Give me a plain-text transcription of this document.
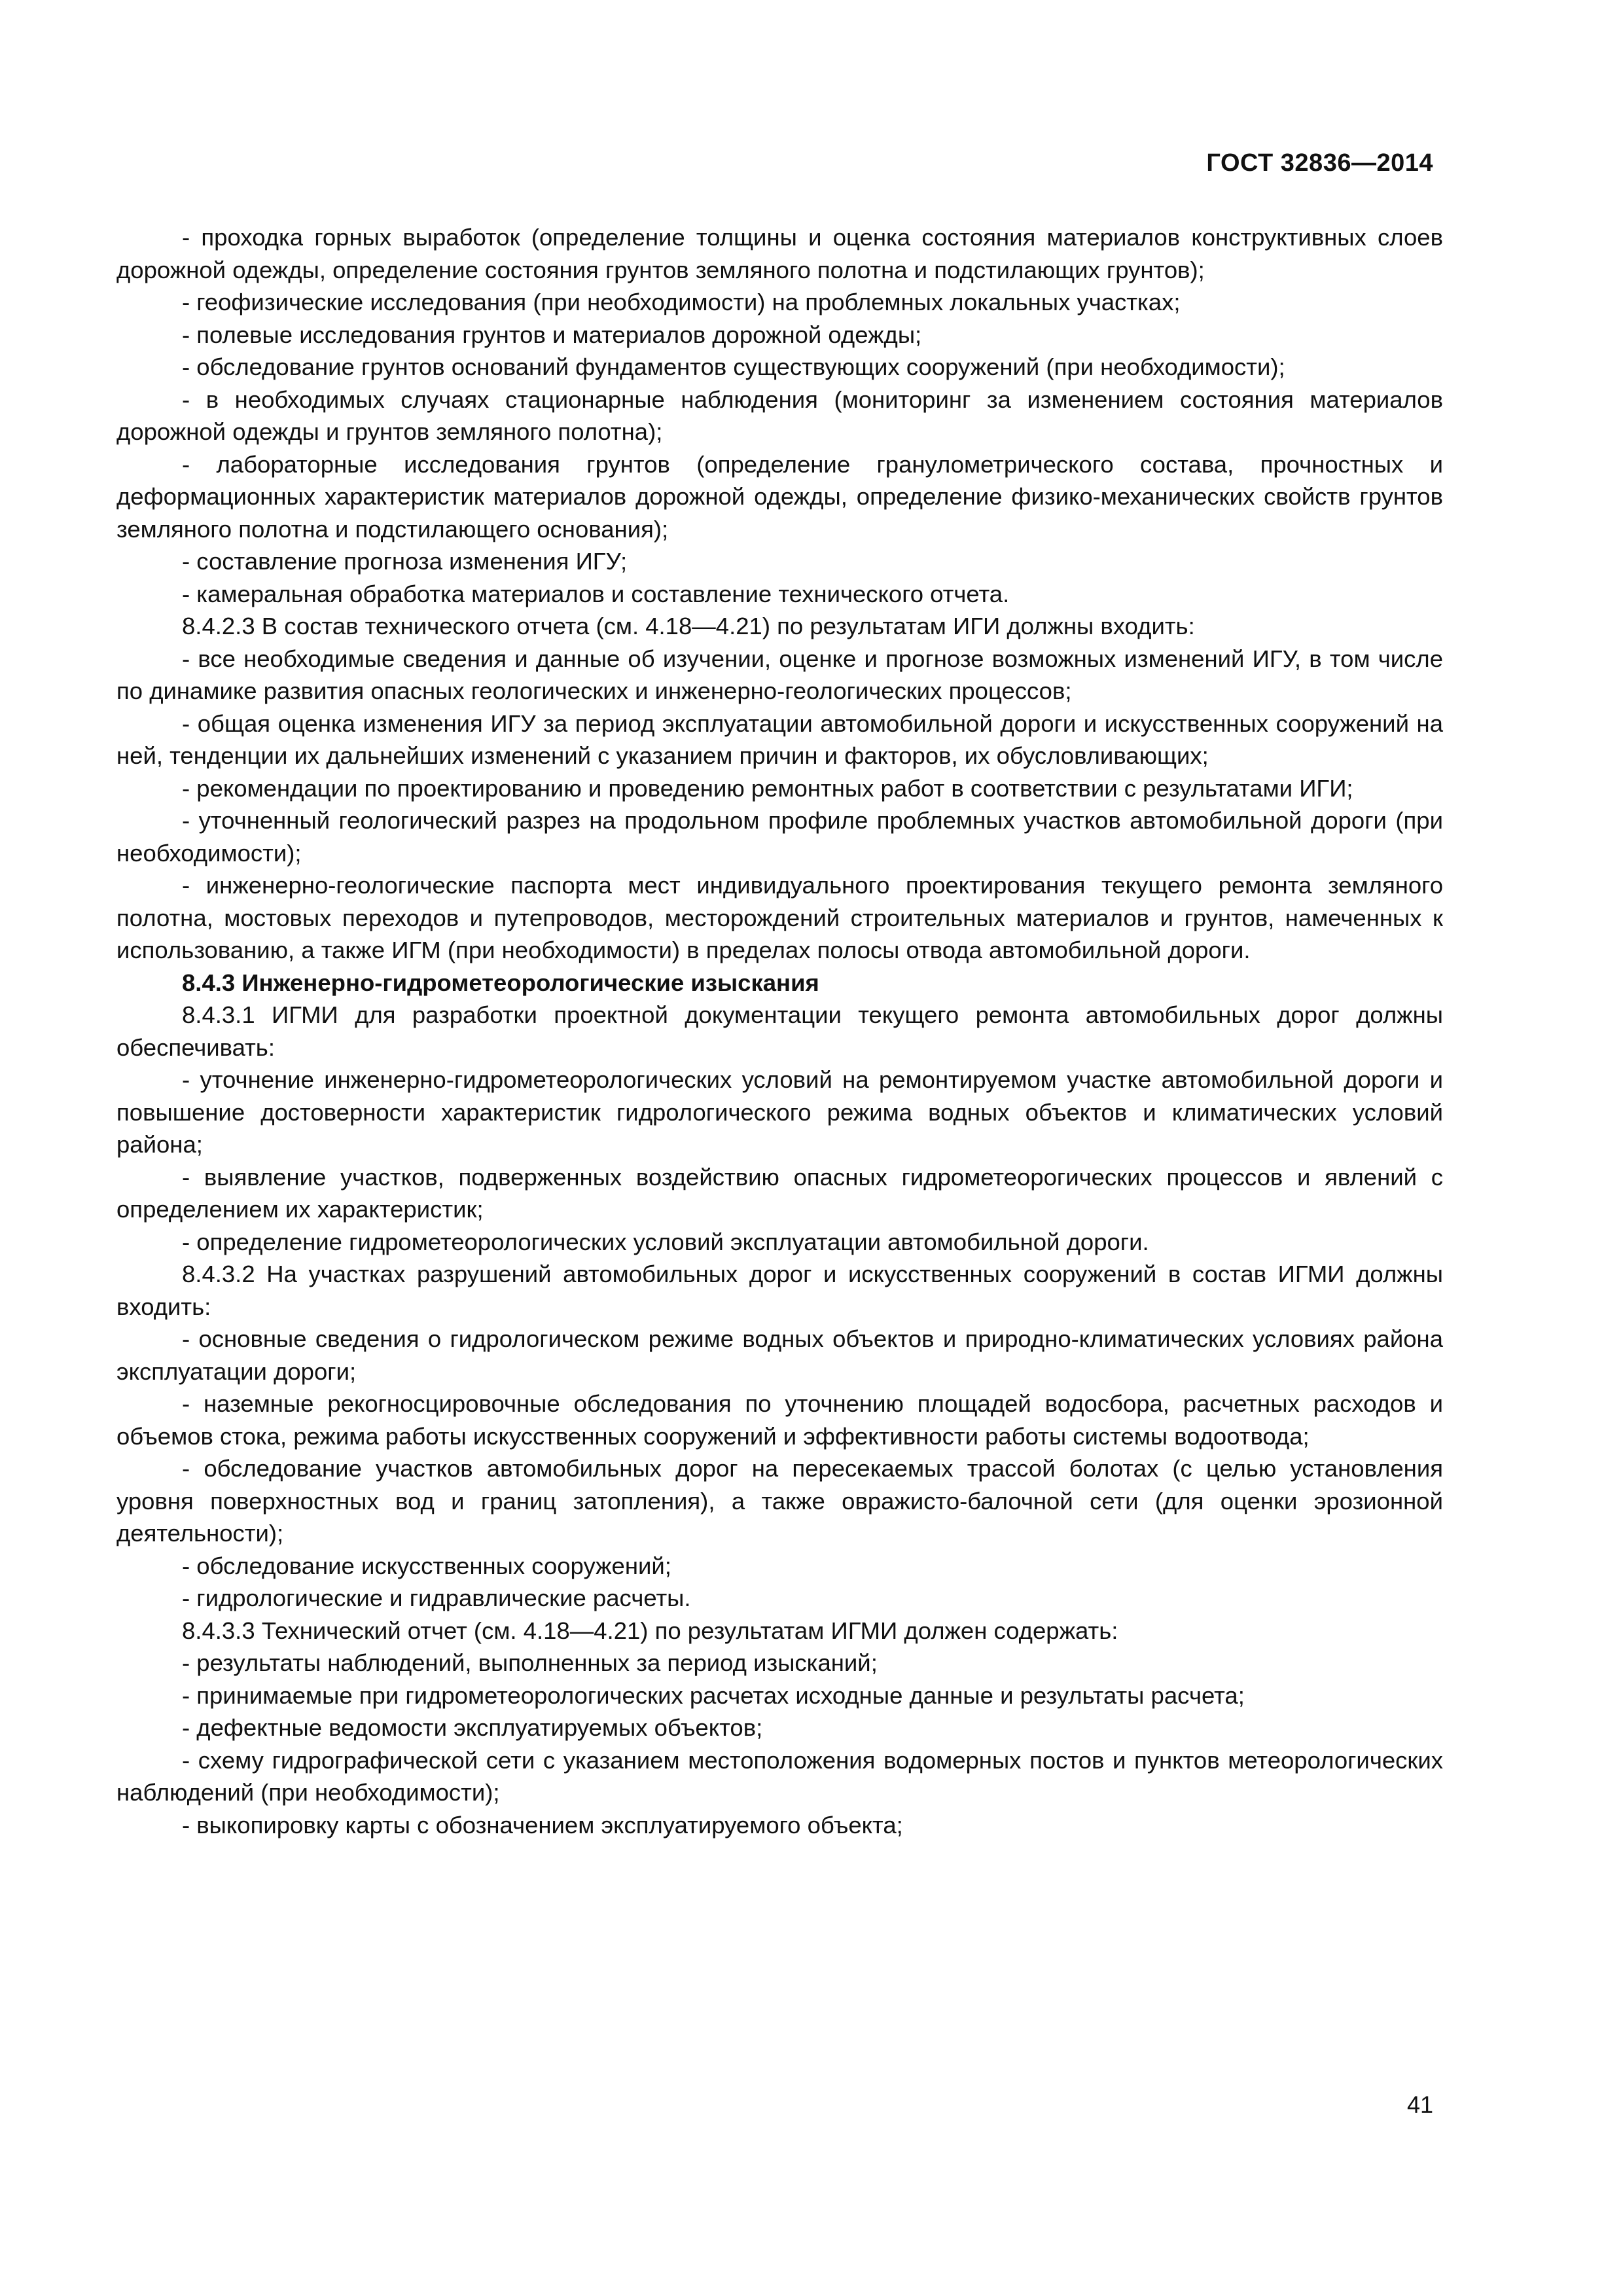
ГОСТ 32836—2014

- проходка горных выработок (определение толщины и оценка состояния материалов конструктивных слоев дорожной одежды, определение состояния грунтов земляного полотна и подстилающих грунтов);

- геофизические исследования (при необходимости) на проблемных локальных участках;

- полевые исследования грунтов и материалов дорожной одежды;

- обследование грунтов оснований фундаментов существующих сооружений (при необходимости);

- в необходимых случаях стационарные наблюдения (мониторинг за изменением состояния материалов дорожной одежды и грунтов земляного полотна);

- лабораторные исследования грунтов (определение гранулометрического состава, прочностных и деформационных характеристик материалов дорожной одежды, определение физико-механических свойств грунтов земляного полотна и подстилающего основания);

- составление прогноза изменения ИГУ;

- камеральная обработка материалов и составление технического отчета.

8.4.2.3 В состав технического отчета (см. 4.18—4.21) по результатам ИГИ должны входить:

- все необходимые сведения и данные об изучении, оценке и прогнозе возможных изменений ИГУ, в том числе по динамике развития опасных геологических и инженерно-геологических процессов;

- общая оценка изменения ИГУ за период эксплуатации автомобильной дороги и искусственных сооружений на ней, тенденции их дальнейших изменений с указанием причин и факторов, их обусловливающих;

- рекомендации по проектированию и проведению ремонтных работ в соответствии с результатами ИГИ;

- уточненный геологический разрез на продольном профиле проблемных участков автомобильной дороги (при необходимости);

- инженерно-геологические паспорта мест индивидуального проектирования текущего ремонта земляного полотна, мостовых переходов и путепроводов, месторождений строительных материалов и грунтов, намеченных к использованию, а также ИГМ (при необходимости) в пределах полосы отвода автомобильной дороги.

8.4.3 Инженерно-гидрометеорологические изыскания

8.4.3.1 ИГМИ для разработки проектной документации текущего ремонта автомобильных дорог должны обеспечивать:

- уточнение инженерно-гидрометеорологических условий на ремонтируемом участке автомобильной дороги и повышение достоверности характеристик гидрологического режима водных объектов и климатических условий района;

- выявление участков, подверженных воздействию опасных гидрометеорогических процессов и явлений с определением их характеристик;

- определение гидрометеорологических условий эксплуатации автомобильной дороги.

8.4.3.2 На участках разрушений автомобильных дорог и искусственных сооружений в состав ИГМИ должны входить:

- основные сведения о гидрологическом режиме водных объектов и природно-климатических условиях района эксплуатации дороги;

- наземные рекогносцировочные обследования по уточнению площадей водосбора, расчетных расходов и объемов стока, режима работы искусственных сооружений и эффективности работы системы водоотвода;

- обследование участков автомобильных дорог на пересекаемых трассой болотах (с целью установления уровня поверхностных вод и границ затопления), а также овражисто-балочной сети (для оценки эрозионной деятельности);

- обследование искусственных сооружений;

- гидрологические и гидравлические расчеты.

8.4.3.3 Технический отчет (см. 4.18—4.21) по результатам ИГМИ должен содержать:

- результаты наблюдений, выполненных за период изысканий;

- принимаемые при гидрометеорологических расчетах исходные данные и результаты расчета;

- дефектные ведомости эксплуатируемых объектов;

- схему гидрографической сети с указанием местоположения водомерных постов и пунктов метеорологических наблюдений (при необходимости);

- выкопировку карты с обозначением эксплуатируемого объекта;

41
